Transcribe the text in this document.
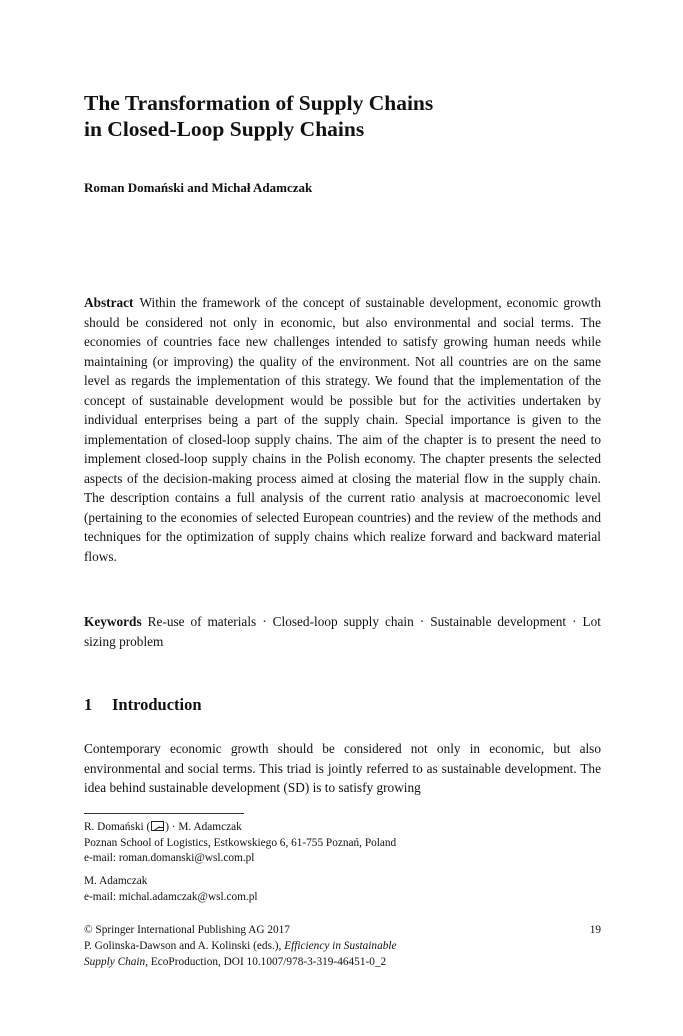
The Transformation of Supply Chains
in Closed-Loop Supply Chains
Roman Domański and Michał Adamczak

Abstract Within the framework of the concept of sustainable development, economic growth should be considered not only in economic, but also environmental and social terms. The economies of countries face new challenges intended to satisfy growing human needs while maintaining (or improving) the quality of the environment. Not all countries are on the same level as regards the implementation of this strategy. We found that the implementation of the concept of sustainable development would be possible but for the activities undertaken by individual enterprises being a part of the supply chain. Special importance is given to the implementation of closed-loop supply chains. The aim of the chapter is to present the need to implement closed-loop supply chains in the Polish economy. The chapter presents the selected aspects of the decision-making process aimed at closing the material flow in the supply chain. The description contains a full analysis of the current ratio analysis at macroeconomic level (pertaining to the economies of selected European countries) and the review of the methods and techniques for the optimization of supply chains which realize forward and backward material flows.

Keywords Re-use of materials · Closed-loop supply chain · Sustainable development · Lot sizing problem

1 Introduction

Contemporary economic growth should be considered not only in economic, but also environmental and social terms. This triad is jointly referred to as sustainable development. The idea behind sustainable development (SD) is to satisfy growing

R. Domański ( ) · M. Adamczak
Poznan School of Logistics, Estkowskiego 6, 61-755 Poznań, Poland
e-mail: roman.domanski@wsl.com.pl
M. Adamczak
e-mail: michal.adamczak@wsl.com.pl
© Springer International Publishing AG 2017	19
P. Golinska-Dawson and A. Kolinski (eds.), Efficiency in Sustainable
Supply Chain, EcoProduction, DOI 10.1007/978-3-319-46451-0_2
